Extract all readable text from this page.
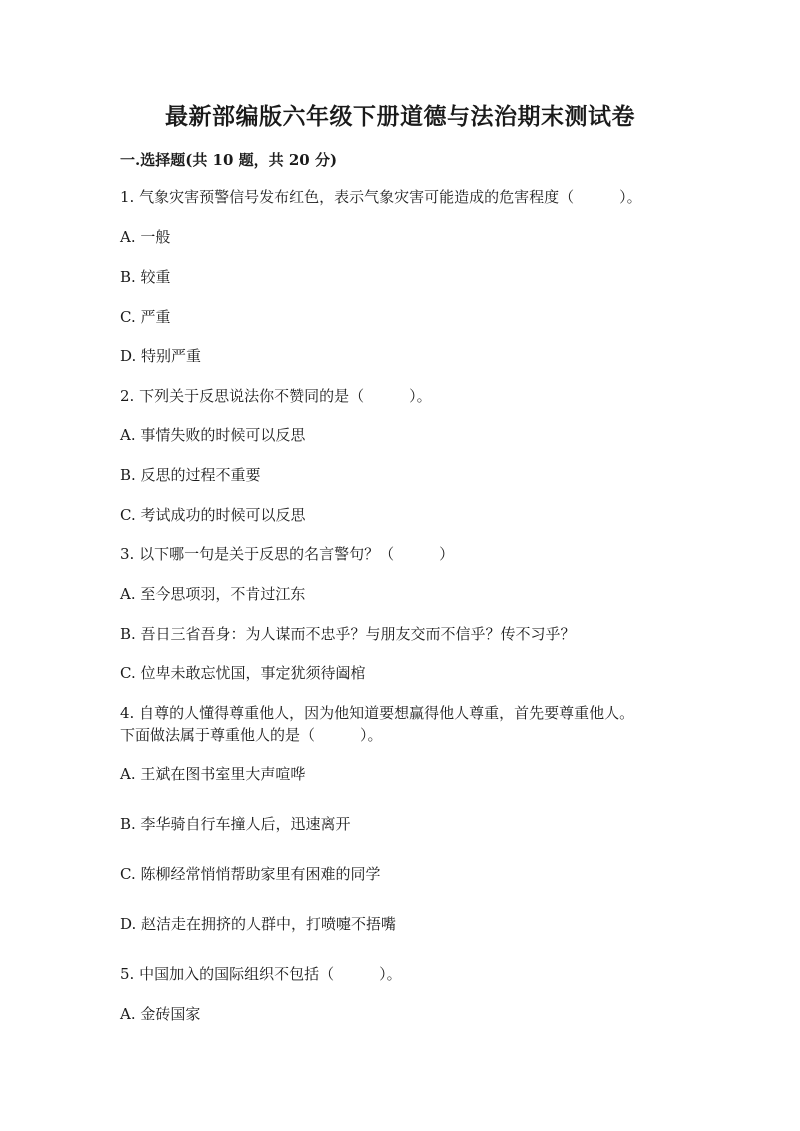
最新部编版六年级下册道德与法治期末测试卷
一.选择题(共 10 题，共 20 分)
1. 气象灾害预警信号发布红色，表示气象灾害可能造成的危害程度（　　　）。
A. 一般
B. 较重
C. 严重
D. 特别严重
2. 下列关于反思说法你不赞同的是（　　　）。
A. 事情失败的时候可以反思
B. 反思的过程不重要
C. 考试成功的时候可以反思
3. 以下哪一句是关于反思的名言警句？（　　　）
A. 至今思项羽，不肯过江东
B. 吾日三省吾身：为人谋而不忠乎？与朋友交而不信乎？传不习乎？
C. 位卑未敢忘忧国，事定犹须待阖棺
4. 自尊的人懂得尊重他人，因为他知道要想赢得他人尊重，首先要尊重他人。
下面做法属于尊重他人的是（　　　）。
A. 王斌在图书室里大声喧哗
B. 李华骑自行车撞人后，迅速离开
C. 陈柳经常悄悄帮助家里有困难的同学
D. 赵洁走在拥挤的人群中，打喷嚏不捂嘴
5. 中国加入的国际组织不包括（　　　）。
A. 金砖国家
